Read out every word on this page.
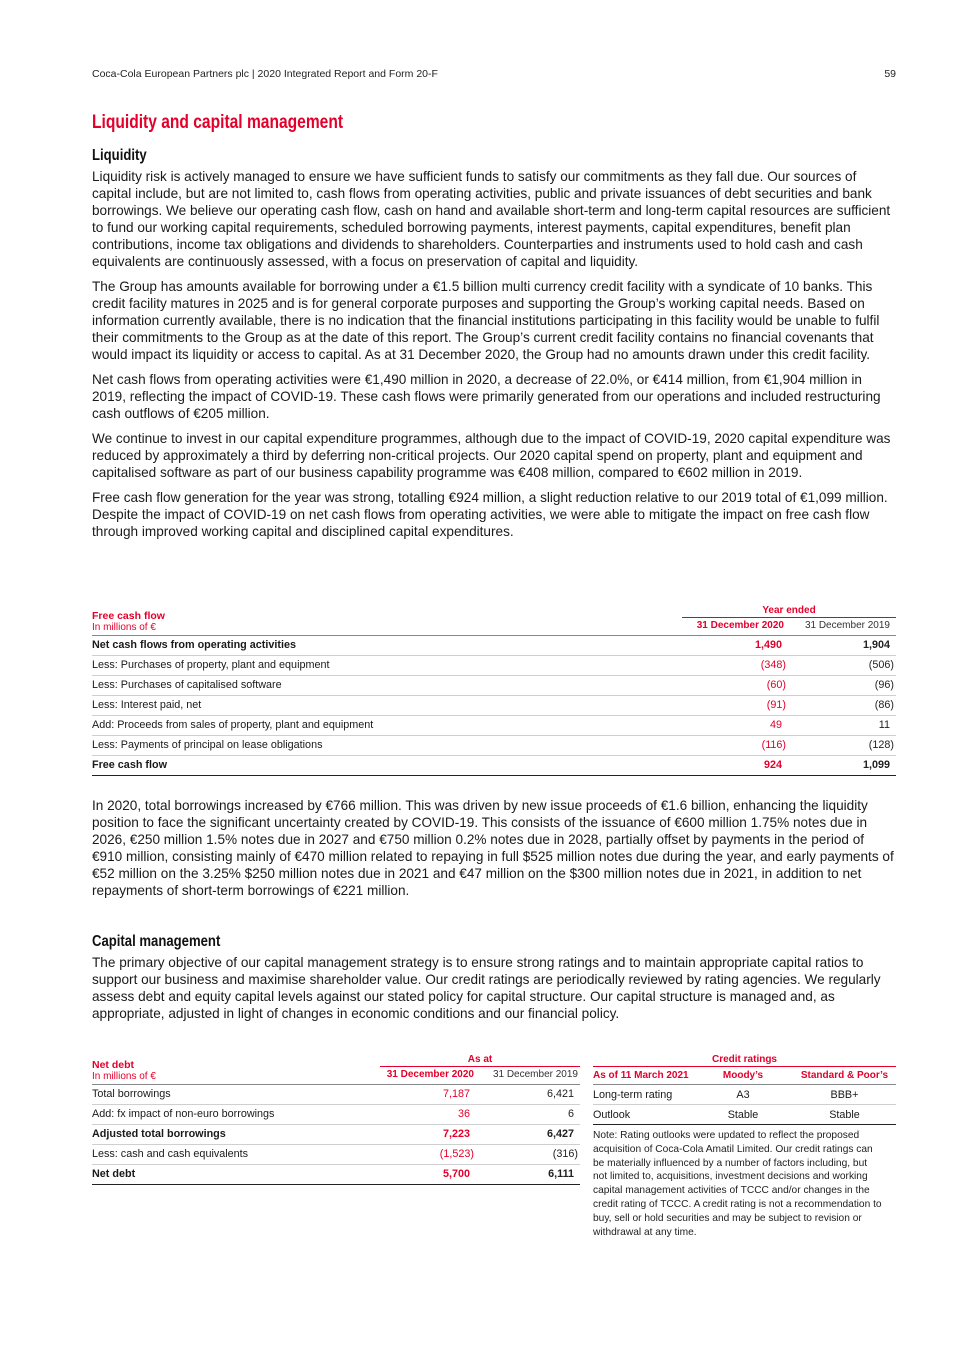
Coca-Cola European Partners plc | 2020 Integrated Report and Form 20-F	59
Liquidity and capital management
Liquidity

Liquidity risk is actively managed to ensure we have sufficient funds to satisfy our commitments as they fall due. Our sources of capital include, but are not limited to, cash flows from operating activities, public and private issuances of debt securities and bank borrowings. We believe our operating cash flow, cash on hand and available short-term and long-term capital resources are sufficient to fund our working capital requirements, scheduled borrowing payments, interest payments, capital expenditures, benefit plan contributions, income tax obligations and dividends to shareholders. Counterparties and instruments used to hold cash and cash equivalents are continuously assessed, with a focus on preservation of capital and liquidity.

The Group has amounts available for borrowing under a €1.5 billion multi currency credit facility with a syndicate of 10 banks. This credit facility matures in 2025 and is for general corporate purposes and supporting the Group’s working capital needs. Based on information currently available, there is no indication that the financial institutions participating in this facility would be unable to fulfil their commitments to the Group as at the date of this report. The Group’s current credit facility contains no financial covenants that would impact its liquidity or access to capital. As at 31 December 2020, the Group had no amounts drawn under this credit facility.

Net cash flows from operating activities were €1,490 million in 2020, a decrease of 22.0%, or €414 million, from €1,904 million in 2019, reflecting the impact of COVID-19. These cash flows were primarily generated from our operations and included restructuring cash outflows of €205 million.

We continue to invest in our capital expenditure programmes, although due to the impact of COVID-19, 2020 capital expenditure was reduced by approximately a third by deferring non-critical projects. Our 2020 capital spend on property, plant and equipment and capitalised software as part of our business capability programme was €408 million, compared to €602 million in 2019.

Free cash flow generation for the year was strong, totalling €924 million, a slight reduction relative to our 2019 total of €1,099 million. Despite the impact of COVID-19 on net cash flows from operating activities, we were able to mitigate the impact on free cash flow through improved working capital and disciplined capital expenditures.

	Year ended	

Free cash flow
In millions of €	31 December 2020	31 December 2019

Net cash flows from operating activities	1,490	1,904
Less: Purchases of property, plant and equipment	(348)	(506)
Less: Purchases of capitalised software	(60)	(96)
Less: Interest paid, net	(91)	(86)
Add: Proceeds from sales of property, plant and equipment	49	11
Less: Payments of principal on lease obligations	(116)	(128)
Free cash flow	924	1,099

In 2020, total borrowings increased by €766 million. This was driven by new issue proceeds of €1.6 billion, enhancing the liquidity position to face the significant uncertainty created by COVID-19. This consists of the issuance of €600 million 1.75% notes due in 2026, €250 million 1.5% notes due in 2027 and €750 million 0.2% notes due in 2028, partially offset by payments in the period of €910 million, consisting mainly of €470 million related to repaying in full $525 million notes due during the year, and early payments of €52 million on the 3.25% $250 million notes due in 2021 and €47 million on the $300 million notes due in 2021, in addition to net repayments of short-term borrowings of €221 million.

Capital management

The primary objective of our capital management strategy is to ensure strong ratings and to maintain appropriate capital ratios to support our business and maximise shareholder value. Our credit ratings are periodically reviewed by rating agencies. We regularly assess debt and equity capital levels against our stated policy for capital structure. Our capital structure is managed and, as appropriate, adjusted in light of changes in economic conditions and our financial policy.

	As at	

Net debt
In millions of €	31 December 2020	31 December 2019

Total borrowings	7,187	6,421
Add: fx impact of non-euro borrowings	36	6
Adjusted total borrowings	7,223	6,427
Less: cash and cash equivalents	(1,523)	(316)
Net debt	5,700	6,111
Credit ratings		
As of 11 March 2021	Moody’s	Standard & Poor’s

Long-term rating	A3	BBB+
Outlook	Stable	Stable

Note: Rating outlooks were updated to reflect the proposed acquisition of Coca-Cola Amatil Limited. Our credit ratings can be materially influenced by a number of factors including, but not limited to, acquisitions, investment decisions and working capital management activities of TCCC and/or changes in the credit rating of TCCC. A credit rating is not a recommendation to buy, sell or hold securities and may be subject to revision or withdrawal at any time.
